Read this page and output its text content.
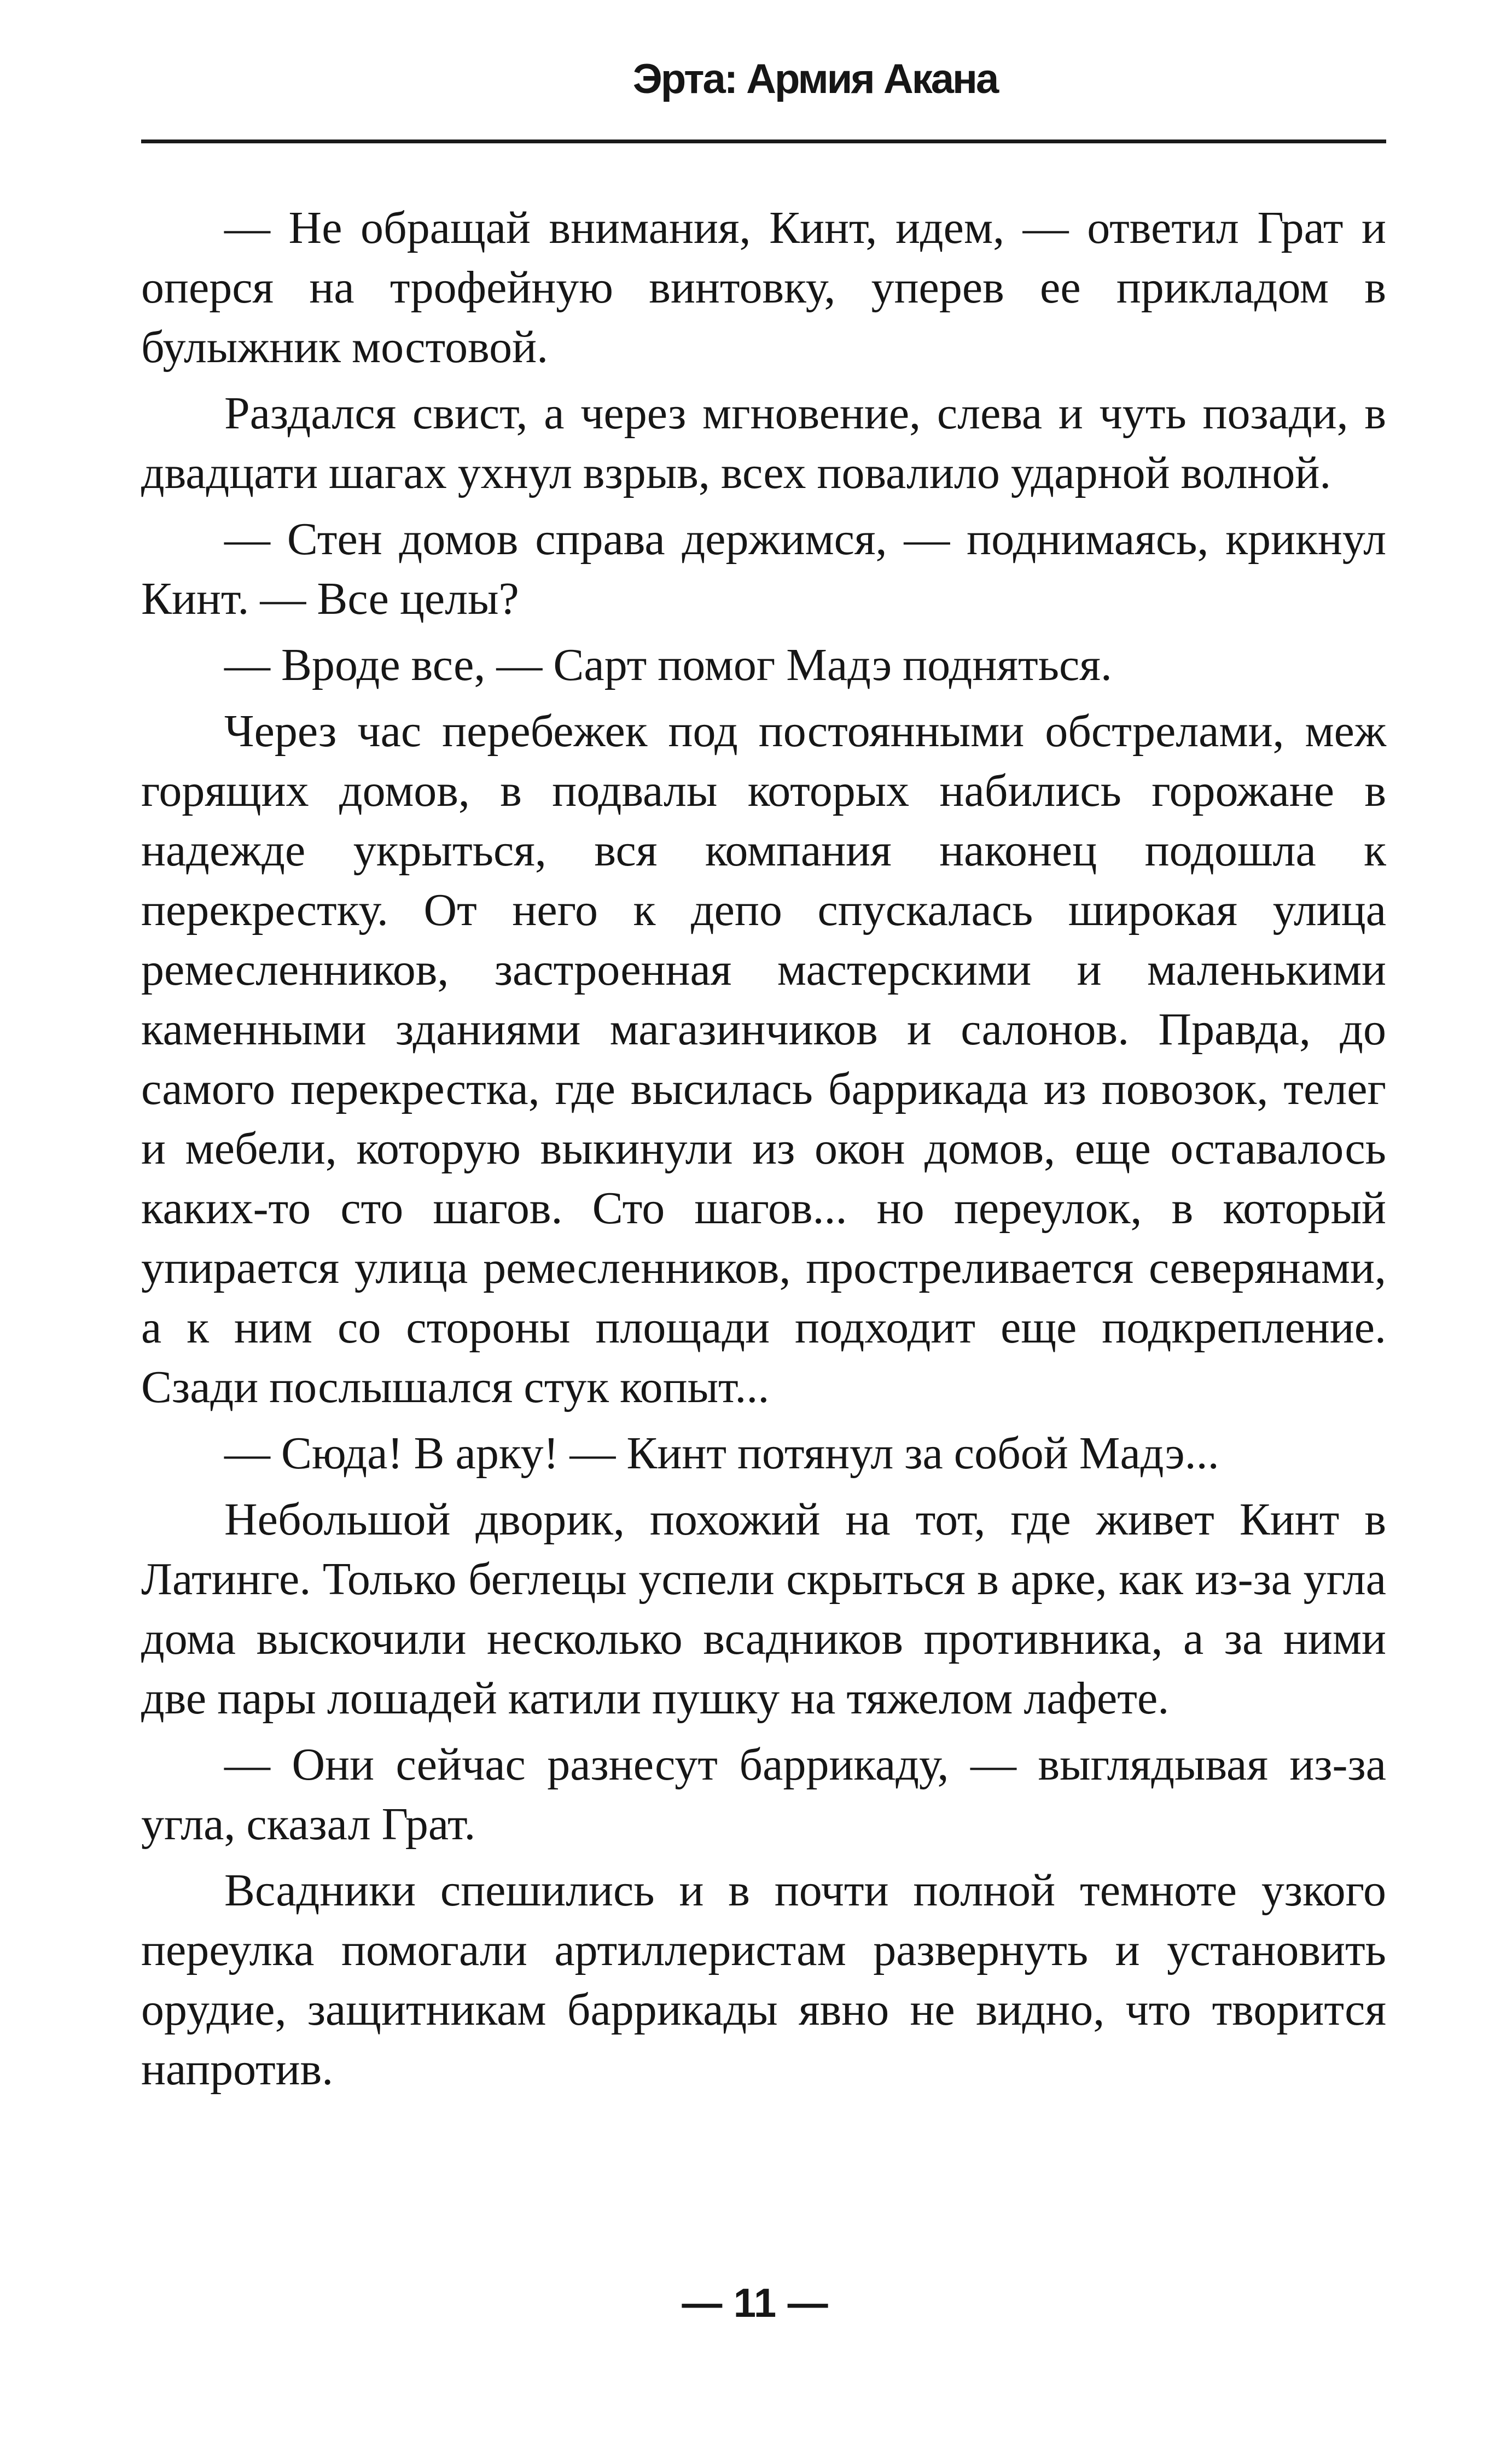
Эрта: Армия Акана

— Не обращай внимания, Кинт, идем, — ответил Грат и оперся на трофейную винтовку, уперев ее прикладом в булыжник мостовой.

Раздался свист, а через мгновение, слева и чуть позади, в двадцати шагах ухнул взрыв, всех повалило ударной волной.

— Стен домов справа держимся, — поднимаясь, крикнул Кинт. — Все целы?

— Вроде все, — Сарт помог Мадэ подняться.

Через час перебежек под постоянными обстрелами, меж горящих домов, в подвалы которых набились горожане в надежде укрыться, вся компания наконец подошла к перекрестку. От него к депо спускалась широкая улица ремесленников, застроенная мастерскими и маленькими каменными зданиями магазинчиков и салонов. Правда, до самого перекрестка, где высилась баррикада из повозок, телег и мебели, которую выкинули из окон домов, еще оставалось каких-то сто шагов. Сто шагов... но переулок, в который упирается улица ремесленников, простреливается северянами, а к ним со стороны площади подходит еще подкрепление. Сзади послышался стук копыт...

— Сюда! В арку! — Кинт потянул за собой Мадэ...

Небольшой дворик, похожий на тот, где живет Кинт в Латинге. Только беглецы успели скрыться в арке, как из-за угла дома выскочили несколько всадников противника, а за ними две пары лошадей катили пушку на тяжелом лафете.

— Они сейчас разнесут баррикаду, — выглядывая из-за угла, сказал Грат.

Всадники спешились и в почти полной темноте узкого переулка помогали артиллеристам развернуть и установить орудие, защитникам баррикады явно не видно, что творится напротив.

— 11 —
